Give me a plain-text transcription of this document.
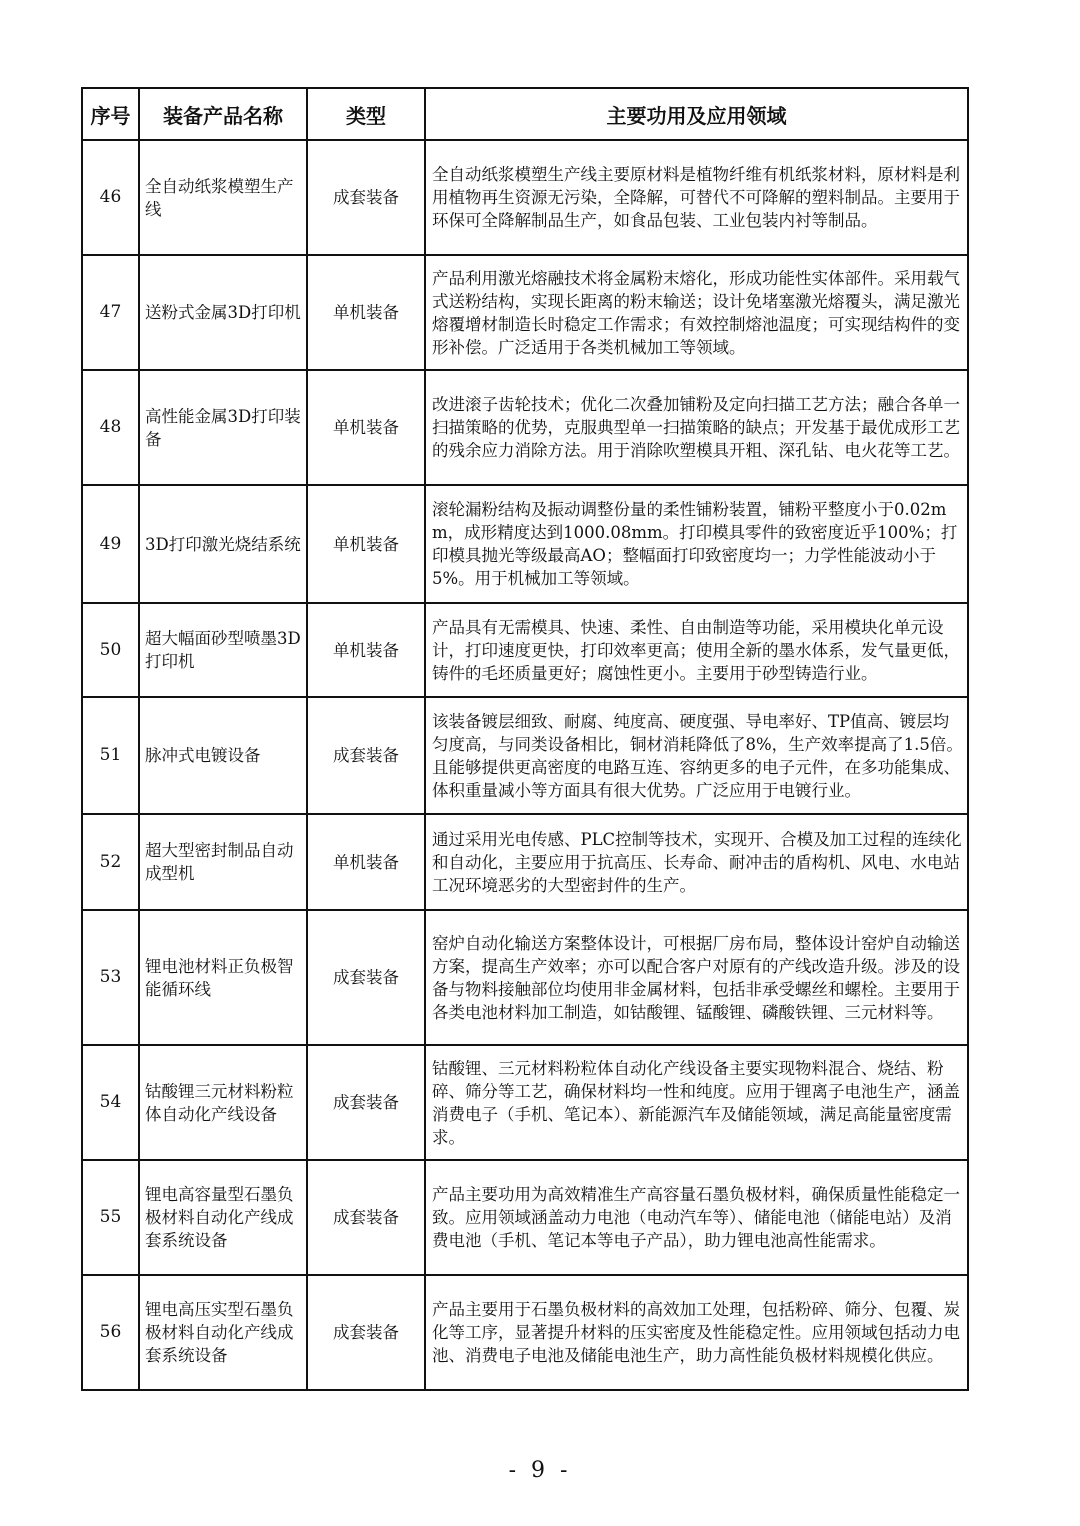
序号	装备产品名称	类型	主要功用及应用领域
46	全自动纸浆模塑生产线	成套装备	全自动纸浆模塑生产线主要原材料是植物纤维有机纸浆材料，原材料是利用植物再生资源无污染，全降解，可替代不可降解的塑料制品。主要用于环保可全降解制品生产，如食品包装、工业包装内衬等制品。
47	送粉式金属3D打印机	单机装备	产品利用激光熔融技术将金属粉末熔化，形成功能性实体部件。采用载气式送粉结构，实现长距离的粉末输送；设计免堵塞激光熔覆头，满足激光熔覆增材制造长时稳定工作需求；有效控制熔池温度；可实现结构件的变形补偿。广泛适用于各类机械加工等领域。
48	高性能金属3D打印装备	单机装备	改进滚子齿轮技术；优化二次叠加铺粉及定向扫描工艺方法；融合各单一扫描策略的优势，克服典型单一扫描策略的缺点；开发基于最优成形工艺的残余应力消除方法。用于消除吹塑模具开粗、深孔钻、电火花等工艺。
49	3D打印激光烧结系统	单机装备	滚轮漏粉结构及振动调整份量的柔性铺粉装置，铺粉平整度小于0.02mm，成形精度达到1000.08mm。打印模具零件的致密度近乎100%；打印模具抛光等级最高AO；整幅面打印致密度均一；力学性能波动小于5%。用于机械加工等领域。
50	超大幅面砂型喷墨3D打印机	单机装备	产品具有无需模具、快速、柔性、自由制造等功能，采用模块化单元设计，打印速度更快，打印效率更高；使用全新的墨水体系，发气量更低，铸件的毛坯质量更好；腐蚀性更小。主要用于砂型铸造行业。
51	脉冲式电镀设备	成套装备	该装备镀层细致、耐腐、纯度高、硬度强、导电率好、TP值高、镀层均匀度高，与同类设备相比，铜材消耗降低了8%，生产效率提高了1.5倍。且能够提供更高密度的电路互连、容纳更多的电子元件，在多功能集成、体积重量减小等方面具有很大优势。广泛应用于电镀行业。
52	超大型密封制品自动成型机	单机装备	通过采用光电传感、PLC控制等技术，实现开、合模及加工过程的连续化和自动化，主要应用于抗高压、长寿命、耐冲击的盾构机、风电、水电站工况环境恶劣的大型密封件的生产。
53	锂电池材料正负极智能循环线	成套装备	窑炉自动化输送方案整体设计，可根据厂房布局，整体设计窑炉自动输送方案，提高生产效率；亦可以配合客户对原有的产线改造升级。涉及的设备与物料接触部位均使用非金属材料，包括非承受螺丝和螺栓。主要用于各类电池材料加工制造，如钴酸锂、锰酸锂、磷酸铁锂、三元材料等。
54	钴酸锂三元材料粉粒体自动化产线设备	成套装备	钴酸锂、三元材料粉粒体自动化产线设备主要实现物料混合、烧结、粉碎、筛分等工艺，确保材料均一性和纯度。应用于锂离子电池生产，涵盖消费电子（手机、笔记本）、新能源汽车及储能领域，满足高能量密度需求。
55	锂电高容量型石墨负极材料自动化产线成套系统设备	成套装备	产品主要功用为高效精准生产高容量石墨负极材料，确保质量性能稳定一致。应用领域涵盖动力电池（电动汽车等）、储能电池（储能电站）及消费电池（手机、笔记本等电子产品），助力锂电池高性能需求。
56	锂电高压实型石墨负极材料自动化产线成套系统设备	成套装备	产品主要用于石墨负极材料的高效加工处理，包括粉碎、筛分、包覆、炭化等工序，显著提升材料的压实密度及性能稳定性。应用领域包括动力电池、消费电子电池及储能电池生产，助力高性能负极材料规模化供应。
- 9 -
